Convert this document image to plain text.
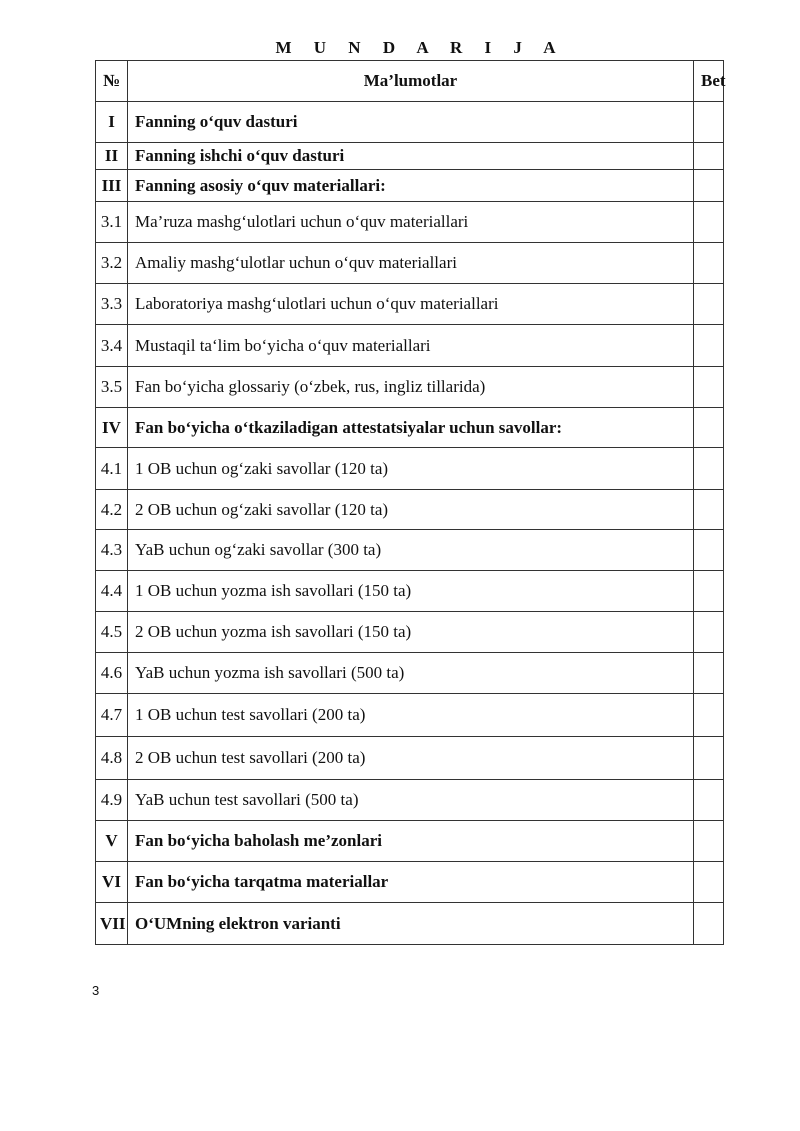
M U N D A R I J A
№	Ma’lumotlar	Bet
I	Fanning o‘quv dasturi	
II	Fanning ishchi o‘quv dasturi	
III	Fanning asosiy o‘quv materiallari:	
3.1	Ma’ruza mashg‘ulotlari uchun o‘quv materiallari	
3.2	Amaliy mashg‘ulotlar uchun o‘quv materiallari	
3.3	Laboratoriya mashg‘ulotlari uchun o‘quv materiallari	
3.4	Mustaqil ta‘lim bo‘yicha o‘quv materiallari	
3.5	Fan bo‘yicha glossariy (o‘zbek, rus, ingliz tillarida)	
IV	Fan bo‘yicha o‘tkaziladigan attestatsiyalar uchun savollar:	
4.1	1 OB uchun og‘zaki savollar (120 ta)	
4.2	2 OB uchun og‘zaki savollar (120 ta)	
4.3	YaB uchun og‘zaki savollar (300 ta)	
4.4	1 OB uchun yozma ish savollari (150 ta)	
4.5	2 OB uchun yozma ish savollari (150 ta)	
4.6	YaB uchun yozma ish savollari (500 ta)	
4.7	1 OB uchun test savollari (200 ta)	
4.8	2 OB uchun test savollari (200 ta)	
4.9	YaB uchun test savollari (500 ta)	
V	Fan bo‘yicha baholash me’zonlari	
VI	Fan bo‘yicha tarqatma materiallar	
VII	O‘UMning elektron varianti	

3
